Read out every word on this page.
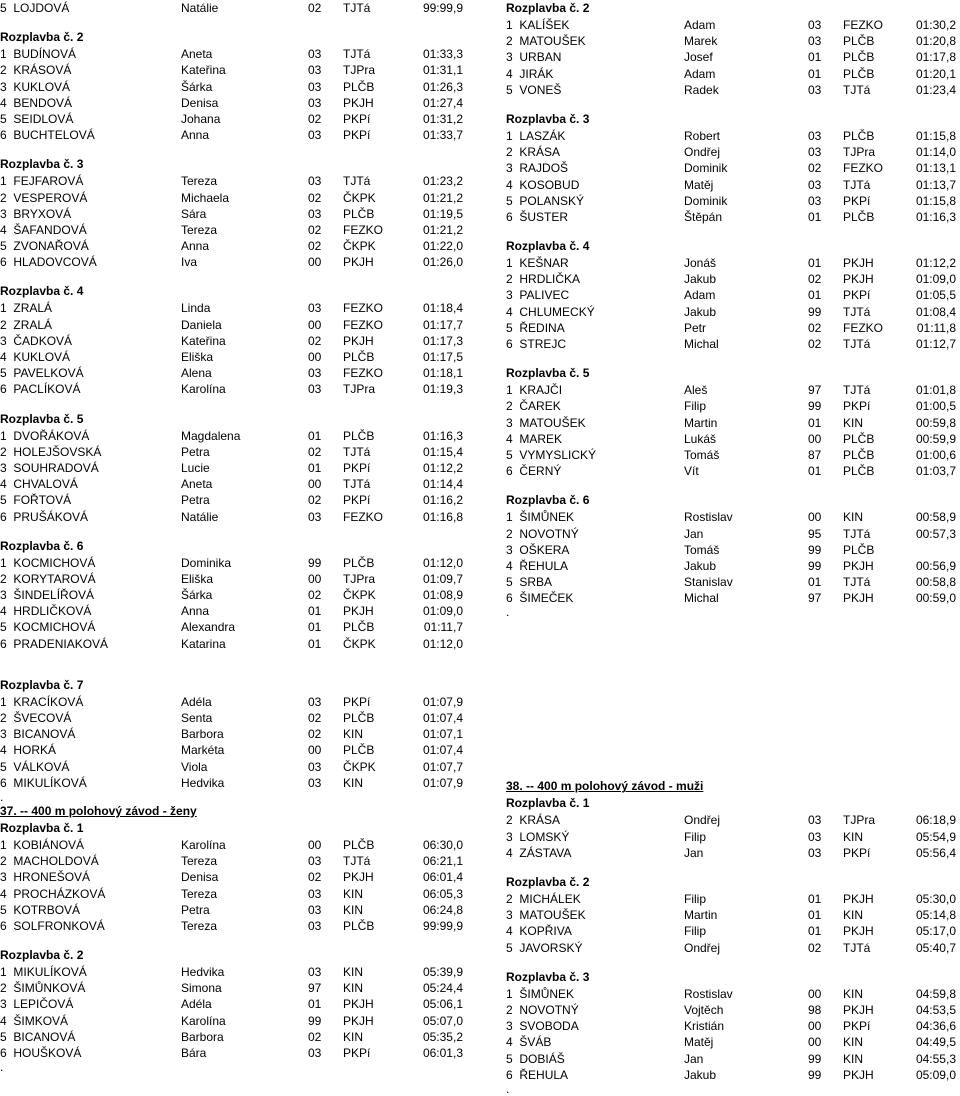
5 LOJDOVÁ	Natálie	02 TJTá	99:99,9
Rozplavba č. 2
1 BUDÍNOVÁ	Aneta	03 TJTá	01:33,3
2 KRÁSOVÁ	Kateřina	03 TJPra	01:31,1
3 KUKLOVÁ	Šárka	03 PLČB	01:26,3
4 BENDOVÁ	Denisa	03 PKJH	01:27,4
5 SEIDLOVÁ	Johana	02 PKPí	01:31,2
6 BUCHTELOVÁ	Anna	03 PKPí	01:33,7
Rozplavba č. 3
1 FEJFAROVÁ	Tereza	03 TJTá	01:23,2
2 VESPEROVÁ	Michaela	02 ČKPK	01:21,2
3 BRYXOVÁ	Sára	03 PLČB	01:19,5
4 ŠAFANDOVÁ	Tereza	02 FEZKO	01:21,2
5 ZVONAŘOVÁ	Anna	02 ČKPK	01:22,0
6 HLADOVCOVÁ	Iva	00 PKJH	01:26,0
Rozplavba č. 4
1 ZRALÁ	Linda	03 FEZKO	01:18,4
2 ZRALÁ	Daniela	00 FEZKO	01:17,7
3 ČADKOVÁ	Kateřina	02 PKJH	01:17,3
4 KUKLOVÁ	Eliška	00 PLČB	01:17,5
5 PAVELKOVÁ	Alena	03 FEZKO	01:18,1
6 PACLÍKOVÁ	Karolína	03 TJPra	01:19,3
Rozplavba č. 5
1 DVOŘÁKOVÁ	Magdalena	01 PLČB	01:16,3
2 HOLEJŠOVSKÁ	Petra	02 TJTá	01:15,4
3 SOUHRADOVÁ	Lucie	01 PKPí	01:12,2
4 CHVALOVÁ	Aneta	00 TJTá	01:14,4
5 FOŘTOVÁ	Petra	02 PKPí	01:16,2
6 PRUŠÁKOVÁ	Natálie	03 FEZKO	01:16,8
Rozplavba č. 6
1 KOCMICHOVÁ	Dominika	99 PLČB	01:12,0
2 KORYTAROVÁ	Eliška	00 TJPra	01:09,7
3 ŠINDELÍŘOVÁ	Šárka	02 ČKPK	01:08,9
4 HRDLIČKOVÁ	Anna	01 PKJH	01:09,0
5 KOCMICHOVÁ	Alexandra	01 PLČB	01:11,7
6 PRADENIAKOVÁ	Katarina	01 ČKPK	01:12,0
Rozplavba č. 7
1 KRACÍKOVÁ	Adéla	03 PKPí	01:07,9
2 ŠVECOVÁ	Senta	02 PLČB	01:07,4
3 BICANOVÁ	Barbora	02 KIN	01:07,1
4 HORKÁ	Markéta	00 PLČB	01:07,4
5 VÁLKOVÁ	Viola	03 ČKPK	01:07,7
6 MIKULÍKOVÁ	Hedvika	03 KIN	01:07,9
.
37. -- 400 m polohový závod - ženy
Rozplavba č. 1
1 KOBIÁNOVÁ	Karolína	00 PLČB	06:30,0
2 MACHOLDOVÁ	Tereza	03 TJTá	06:21,1
3 HRONEŠOVÁ	Denisa	02 PKJH	06:01,4
4 PROCHÁZKOVÁ	Tereza	03 KIN	06:05,3
5 KOTRBOVÁ	Petra	03 KIN	06:24,8
6 SOLFRONKOVÁ	Tereza	03 PLČB	99:99,9
Rozplavba č. 2
1 MIKULÍKOVÁ	Hedvika	03 KIN	05:39,9
2 ŠIMŮNKOVÁ	Simona	97 KIN	05:24,4
3 LEPIČOVÁ	Adéla	01 PKJH	05:06,1
4 ŠIMKOVÁ	Karolína	99 PKJH	05:07,0
5 BICANOVÁ	Barbora	02 KIN	05:35,2
6 HOUŠKOVÁ	Bára	03 PKPí	06:01,3
.
Rozplavba č. 2
1 KALÍŠEK	Adam	03 FEZKO	01:30,2
2 MATOUŠEK	Marek	03 PLČB	01:20,8
3 URBAN	Josef	01 PLČB	01:17,8
4 JIRÁK	Adam	01 PLČB	01:20,1
5 VONEŠ	Radek	03 TJTá	01:23,4
Rozplavba č. 3
1 LASZÁK	Robert	03 PLČB	01:15,8
2 KRÁSA	Ondřej	03 TJPra	01:14,0
3 RAJDOŠ	Dominik	02 FEZKO	01:13,1
4 KOSOBUD	Matěj	03 TJTá	01:13,7
5 POLANSKÝ	Dominik	03 PKPí	01:15,8
6 ŠUSTER	Štěpán	01 PLČB	01:16,3
Rozplavba č. 4
1 KEŠNAR	Jonáš	01 PKJH	01:12,2
2 HRDLIČKA	Jakub	02 PKJH	01:09,0
3 PALIVEC	Adam	01 PKPí	01:05,5
4 CHLUMECKÝ	Jakub	99 TJTá	01:08,4
5 ŘEDINA	Petr	02 FEZKO	01:11,8
6 STREJC	Michal	02 TJTá	01:12,7
Rozplavba č. 5
1 KRAJČI	Aleš	97 TJTá	01:01,8
2 ČAREK	Filip	99 PKPí	01:00,5
3 MATOUŠEK	Martin	01 KIN	00:59,8
4 MAREK	Lukáš	00 PLČB	00:59,9
5 VYMYSLICKÝ	Tomáš	87 PLČB	01:00,6
6 ČERNÝ	Vít	01 PLČB	01:03,7
Rozplavba č. 6
1 ŠIMŮNEK	Rostislav	00 KIN	00:58,9
2 NOVOTNÝ	Jan	95 TJTá	00:57,3
3 OŠKERA	Tomáš	99 PLČB
4 ŘEHULA	Jakub	99 PKJH	00:56,9
5 SRBA	Stanislav	01 TJTá	00:58,8
6 ŠIMEČEK	Michal	97 PKJH	00:59,0
.
38. -- 400 m polohový závod - muži
Rozplavba č. 1
2 KRÁSA	Ondřej	03 TJPra	06:18,9
3 LOMSKÝ	Filip	03 KIN	05:54,9
4 ZÁSTAVA	Jan	03 PKPí	05:56,4
Rozplavba č. 2
2 MICHÁLEK	Filip	01 PKJH	05:30,0
3 MATOUŠEK	Martin	01 KIN	05:14,8
4 KOPŘIVA	Filip	01 PKJH	05:17,0
5 JAVORSKÝ	Ondřej	02 TJTá	05:40,7
Rozplavba č. 3
1 ŠIMŮNEK	Rostislav	00 KIN	04:59,8
2 NOVOTNÝ	Vojtěch	98 PKJH	04:53,5
3 SVOBODA	Kristián	00 PKPí	04:36,6
4 ŠVÁB	Matěj	00 KIN	04:49,5
5 DOBIÁŠ	Jan	99 KIN	04:55,3
6 ŘEHULA	Jakub	99 PKJH	05:09,0
.
